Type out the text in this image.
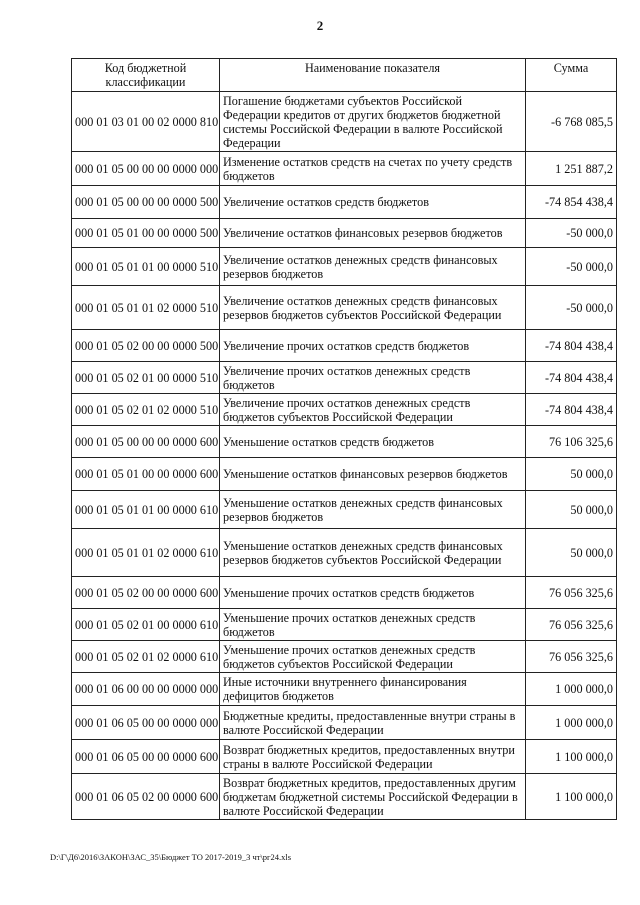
2
Код бюджетной классификации	Наименование показателя	Сумма
000 01 03 01 00 02 0000 810	Погашение бюджетами субъектов Российской Федерации кредитов от других бюджетов бюджетной системы Российской Федерации в валюте Российской Федерации	-6 768 085,5
000 01 05 00 00 00 0000 000	Изменение остатков средств на счетах по учету средств бюджетов	1 251 887,2
000 01 05 00 00 00 0000 500	Увеличение остатков средств бюджетов	-74 854 438,4
000 01 05 01 00 00 0000 500	Увеличение остатков финансовых резервов бюджетов	-50 000,0
000 01 05 01 01 00 0000 510	Увеличение остатков денежных средств финансовых резервов бюджетов	-50 000,0
000 01 05 01 01 02 0000 510	Увеличение остатков денежных средств финансовых резервов бюджетов субъектов Российской Федерации	-50 000,0
000 01 05 02 00 00 0000 500	Увеличение прочих остатков средств бюджетов	-74 804 438,4
000 01 05 02 01 00 0000 510	Увеличение прочих остатков денежных средств бюджетов	-74 804 438,4
000 01 05 02 01 02 0000 510	Увеличение прочих остатков денежных средств бюджетов субъектов Российской Федерации	-74 804 438,4
000 01 05 00 00 00 0000 600	Уменьшение остатков средств бюджетов	76 106 325,6
000 01 05 01 00 00 0000 600	Уменьшение остатков финансовых резервов бюджетов	50 000,0
000 01 05 01 01 00 0000 610	Уменьшение остатков денежных средств финансовых резервов бюджетов	50 000,0
000 01 05 01 01 02 0000 610	Уменьшение остатков денежных средств финансовых резервов бюджетов субъектов Российской Федерации	50 000,0
000 01 05 02 00 00 0000 600	Уменьшение прочих остатков средств бюджетов	76 056 325,6
000 01 05 02 01 00 0000 610	Уменьшение прочих остатков денежных средств бюджетов	76 056 325,6
000 01 05 02 01 02 0000 610	Уменьшение прочих остатков денежных средств бюджетов субъектов Российской Федерации	76 056 325,6
000 01 06 00 00 00 0000 000	Иные источники внутреннего финансирования дефицитов бюджетов	1 000 000,0
000 01 06 05 00 00 0000 000	Бюджетные кредиты, предоставленные внутри страны в валюте Российской Федерации	1 000 000,0
000 01 06 05 00 00 0000 600	Возврат бюджетных кредитов, предоставленных внутри страны в валюте Российской Федерации	1 100 000,0
000 01 06 05 02 00 0000 600	Возврат бюджетных кредитов, предоставленных другим бюджетам бюджетной системы Российской Федерации в валюте Российской Федерации	1 100 000,0
D:\Г\Д6\2016\ЗАКОН\ЗАС_35\Бюджет ТО 2017-2019_3 чт\рг24.xls
